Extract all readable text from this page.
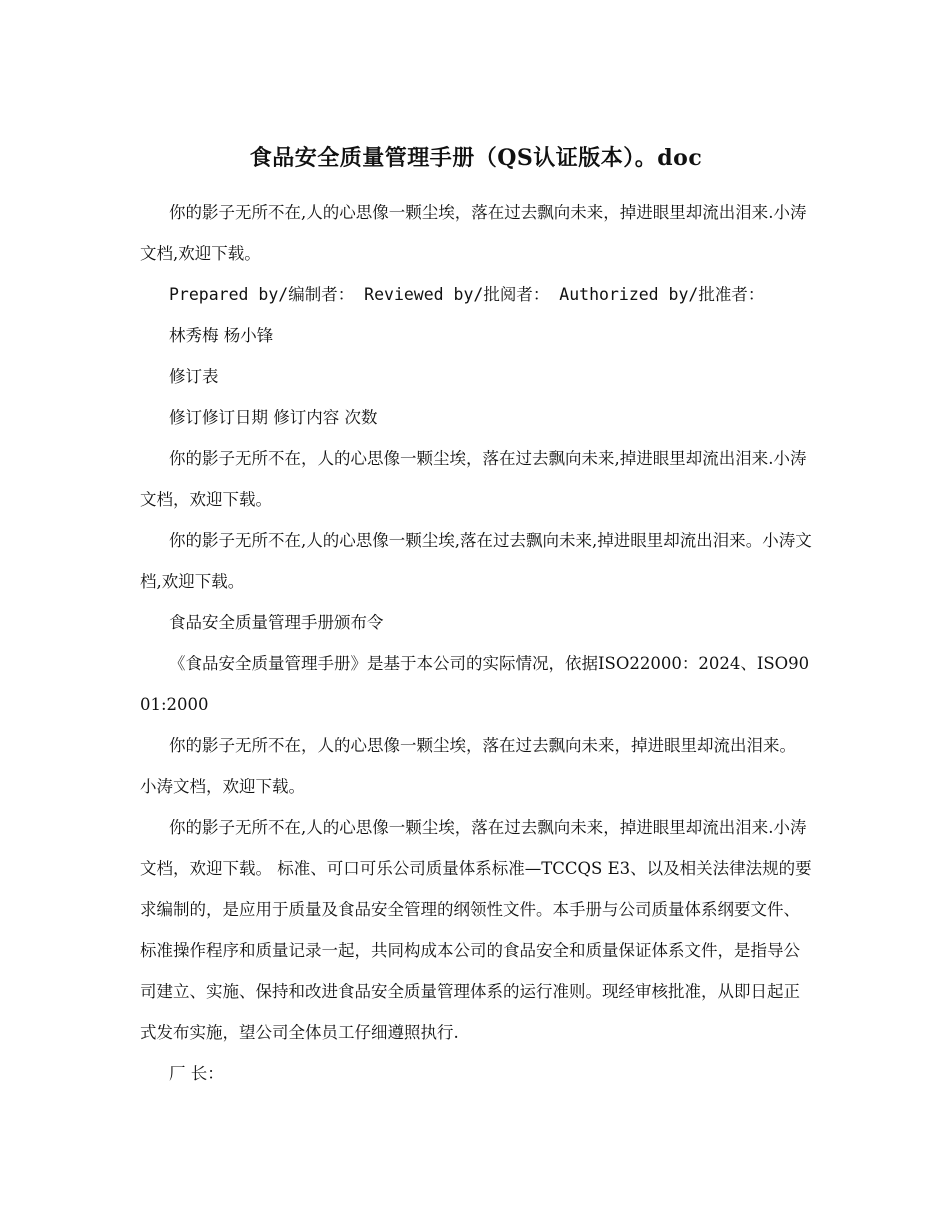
食品安全质量管理手册（QS认证版本）。doc

你的影子无所不在,人的心思像一颗尘埃，落在过去飘向未来，掉进眼里却流出泪来.小涛文档,欢迎下载。

Prepared by/编制者： Reviewed by/批阅者： Authorized by/批准者：

林秀梅 杨小锋

修订表

修订修订日期 修订内容 次数

你的影子无所不在，人的心思像一颗尘埃，落在过去飘向未来,掉进眼里却流出泪来.小涛文档，欢迎下载。

你的影子无所不在,人的心思像一颗尘埃,落在过去飘向未来,掉进眼里却流出泪来。小涛文档,欢迎下载。

食品安全质量管理手册颁布令

《食品安全质量管理手册》是基于本公司的实际情况，依据ISO22000：2024、ISO9001:2000

你的影子无所不在，人的心思像一颗尘埃，落在过去飘向未来，掉进眼里却流出泪来。小涛文档，欢迎下载。

你的影子无所不在,人的心思像一颗尘埃，落在过去飘向未来，掉进眼里却流出泪来.小涛文档，欢迎下载。 标准、可口可乐公司质量体系标准—TCCQS E3、以及相关法律法规的要求编制的，是应用于质量及食品安全管理的纲领性文件。本手册与公司质量体系纲要文件、标准操作程序和质量记录一起，共同构成本公司的食品安全和质量保证体系文件，是指导公司建立、实施、保持和改进食品安全质量管理体系的运行准则。现经审核批准，从即日起正式发布实施，望公司全体员工仔细遵照执行.

厂 长：
